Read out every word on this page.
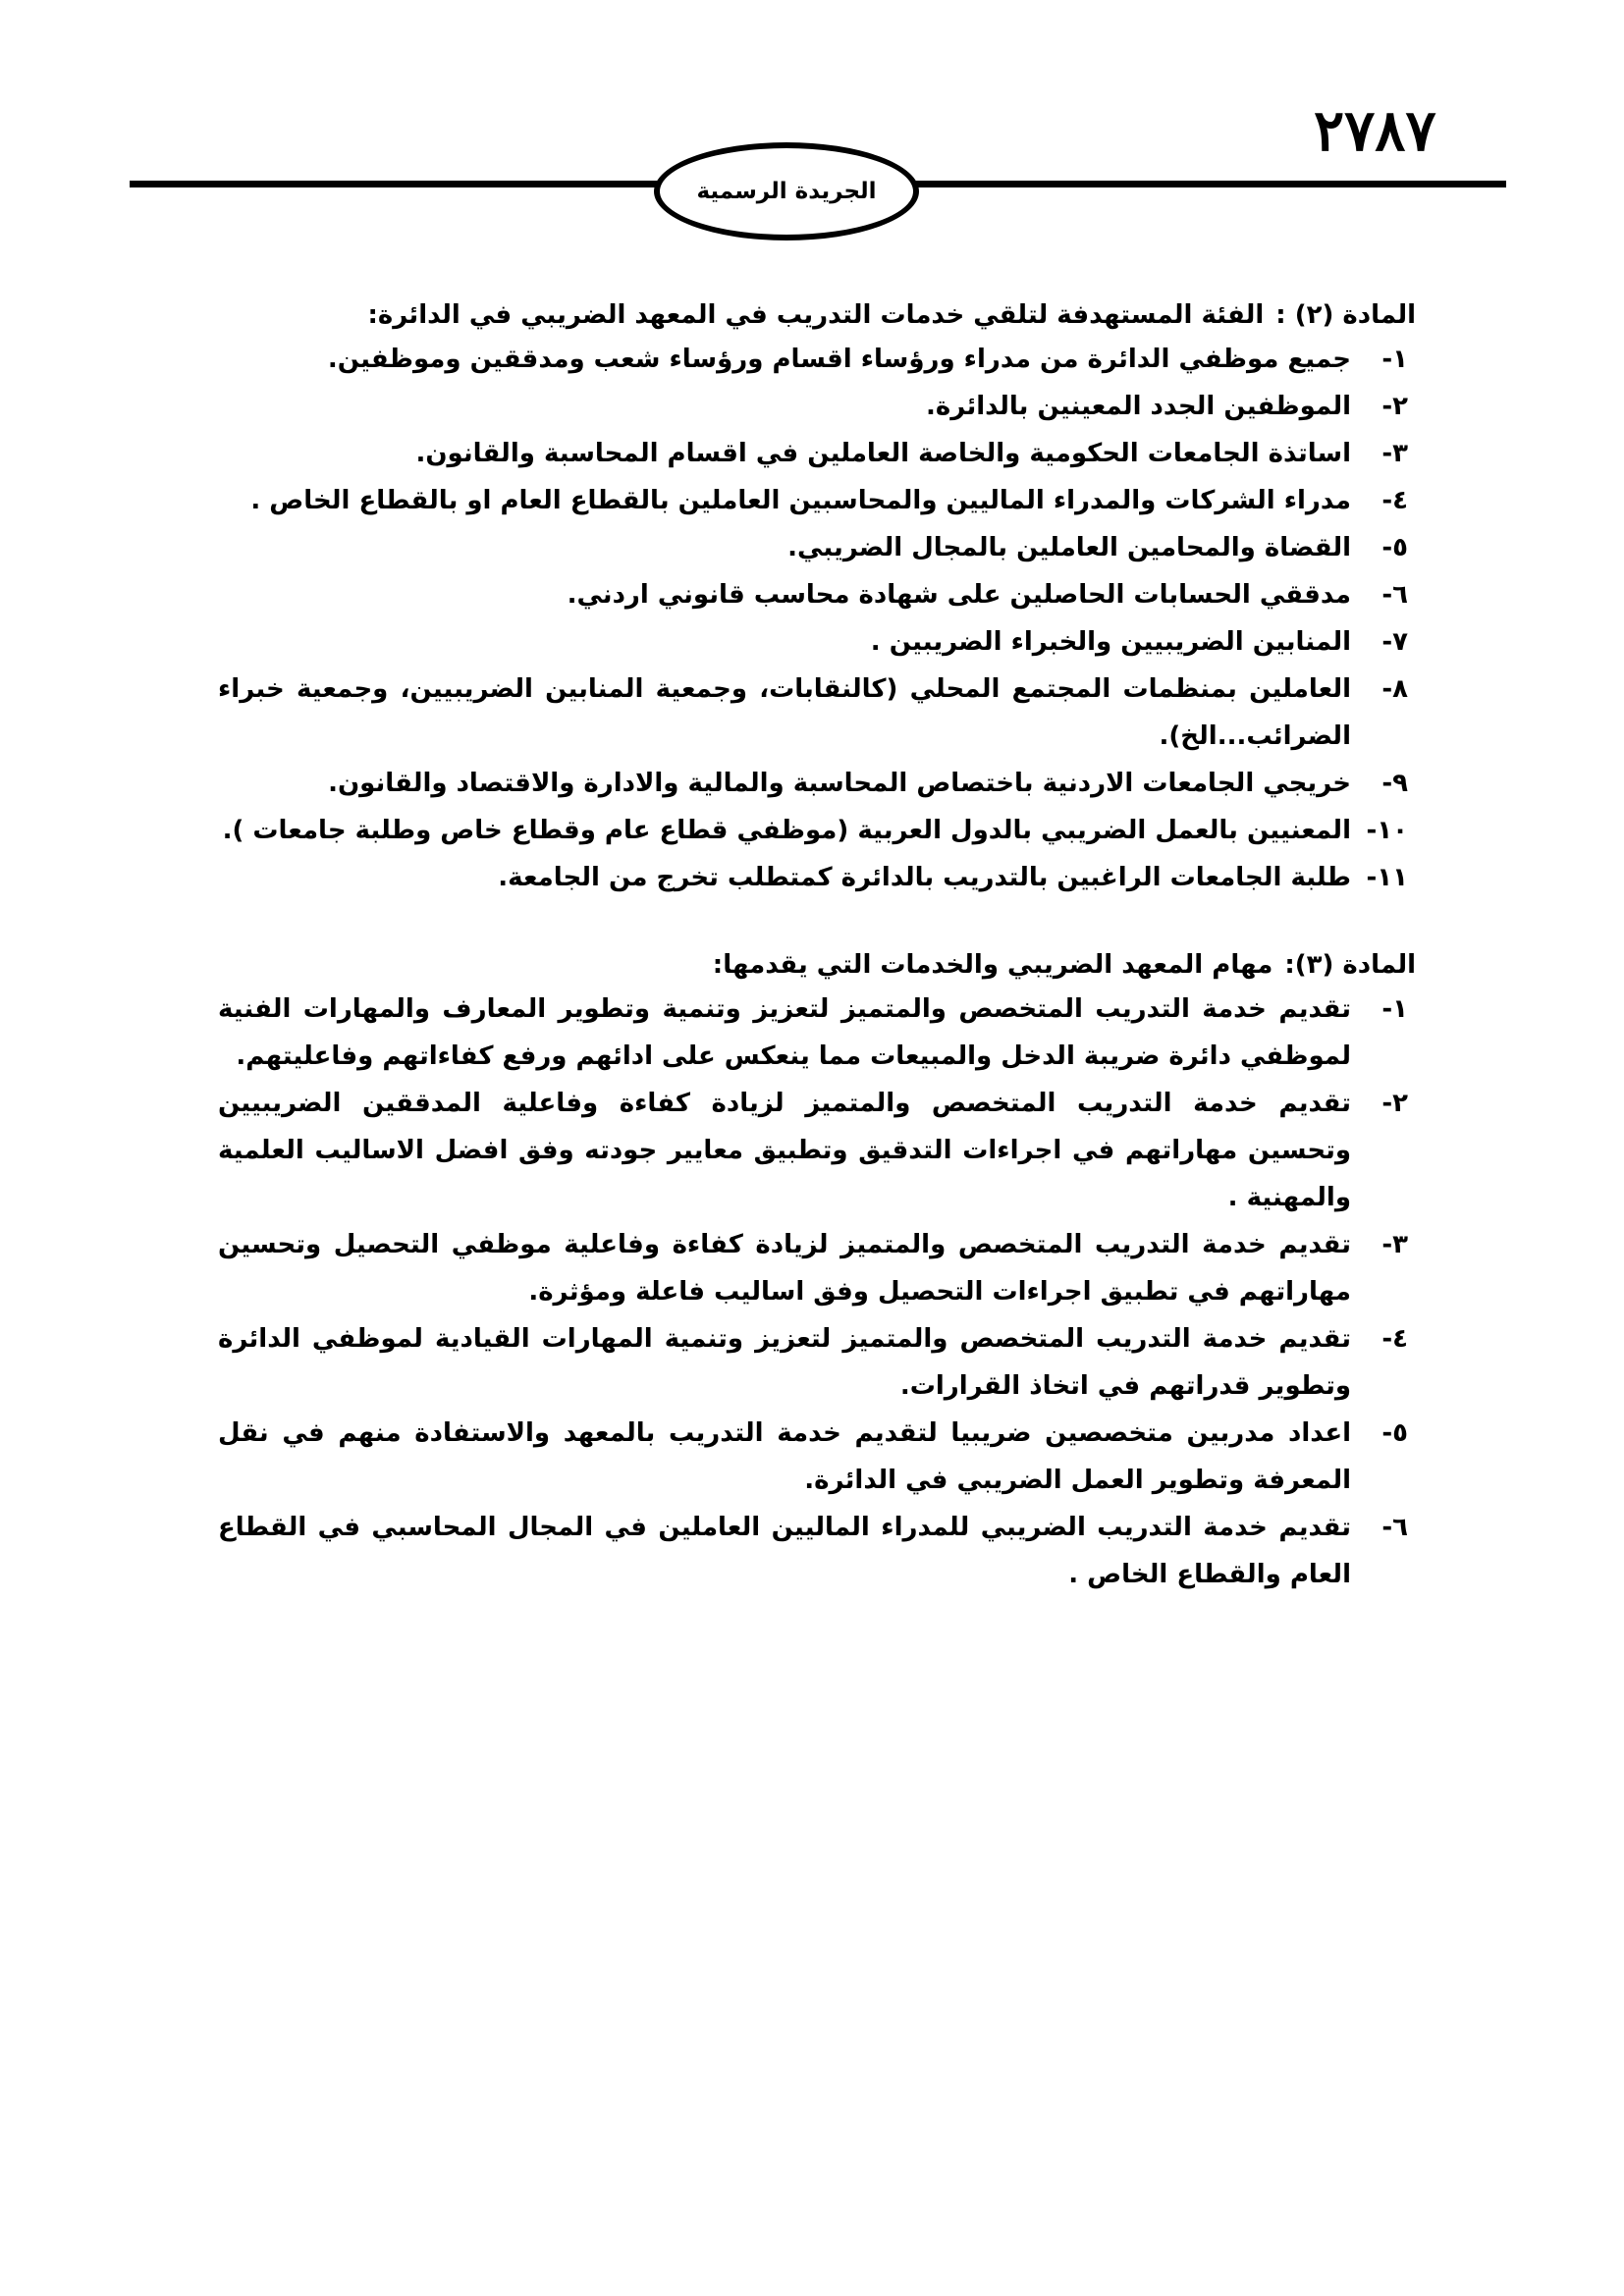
٢٧٨٧
الجريدة الرسمية
المادة (٢) :
الفئة المستهدفة لتلقي خدمات التدريب في المعهد الضريبي في الدائرة:
١-
جميع موظفي الدائرة من مدراء ورؤساء اقسام ورؤساء شعب ومدققين وموظفين.
٢-
الموظفين الجدد المعينين بالدائرة.
٣-
اساتذة الجامعات الحكومية والخاصة العاملين في اقسام المحاسبة والقانون.
٤-
مدراء الشركات والمدراء الماليين والمحاسبين العاملين بالقطاع العام او بالقطاع الخاص .
٥-
القضاة والمحامين العاملين بالمجال الضريبي.
٦-
مدققي الحسابات الحاصلين على شهادة محاسب قانوني اردني.
٧-
المنابين الضريبيين والخبراء الضريبين .
٨-
العاملين بمنظمات المجتمع المحلي (كالنقابات، وجمعية المنابين الضريبيين، وجمعية خبراء الضرائب...الخ).
٩-
خريجي الجامعات الاردنية باختصاص المحاسبة والمالية والادارة والاقتصاد والقانون.
١٠-
المعنيين بالعمل الضريبي بالدول العربية (موظفي قطاع عام وقطاع خاص وطلبة جامعات ).
١١-
طلبة الجامعات الراغبين بالتدريب بالدائرة كمتطلب تخرج من الجامعة.
المادة (٣):
مهام المعهد الضريبي والخدمات التي يقدمها:
١-
تقديم خدمة التدريب المتخصص والمتميز لتعزيز وتنمية وتطوير المعارف والمهارات الفنية لموظفي دائرة ضريبة الدخل والمبيعات مما ينعكس على ادائهم ورفع كفاءاتهم وفاعليتهم.
٢-
تقديم خدمة التدريب المتخصص والمتميز لزيادة كفاءة وفاعلية المدققين الضريبيين وتحسين مهاراتهم في اجراءات التدقيق وتطبيق معايير جودته وفق افضل الاساليب العلمية والمهنية .
٣-
تقديم خدمة التدريب المتخصص والمتميز لزيادة كفاءة وفاعلية موظفي التحصيل وتحسين مهاراتهم في تطبيق اجراءات التحصيل وفق اساليب فاعلة ومؤثرة.
٤-
تقديم خدمة التدريب المتخصص والمتميز لتعزيز وتنمية المهارات القيادية لموظفي الدائرة وتطوير قدراتهم في اتخاذ القرارات.
٥-
اعداد مدربين متخصصين ضريبيا لتقديم خدمة التدريب بالمعهد والاستفادة منهم في نقل المعرفة وتطوير العمل الضريبي في الدائرة.
٦-
تقديم خدمة التدريب الضريبي للمدراء الماليين العاملين في المجال المحاسبي في القطاع العام والقطاع الخاص .
